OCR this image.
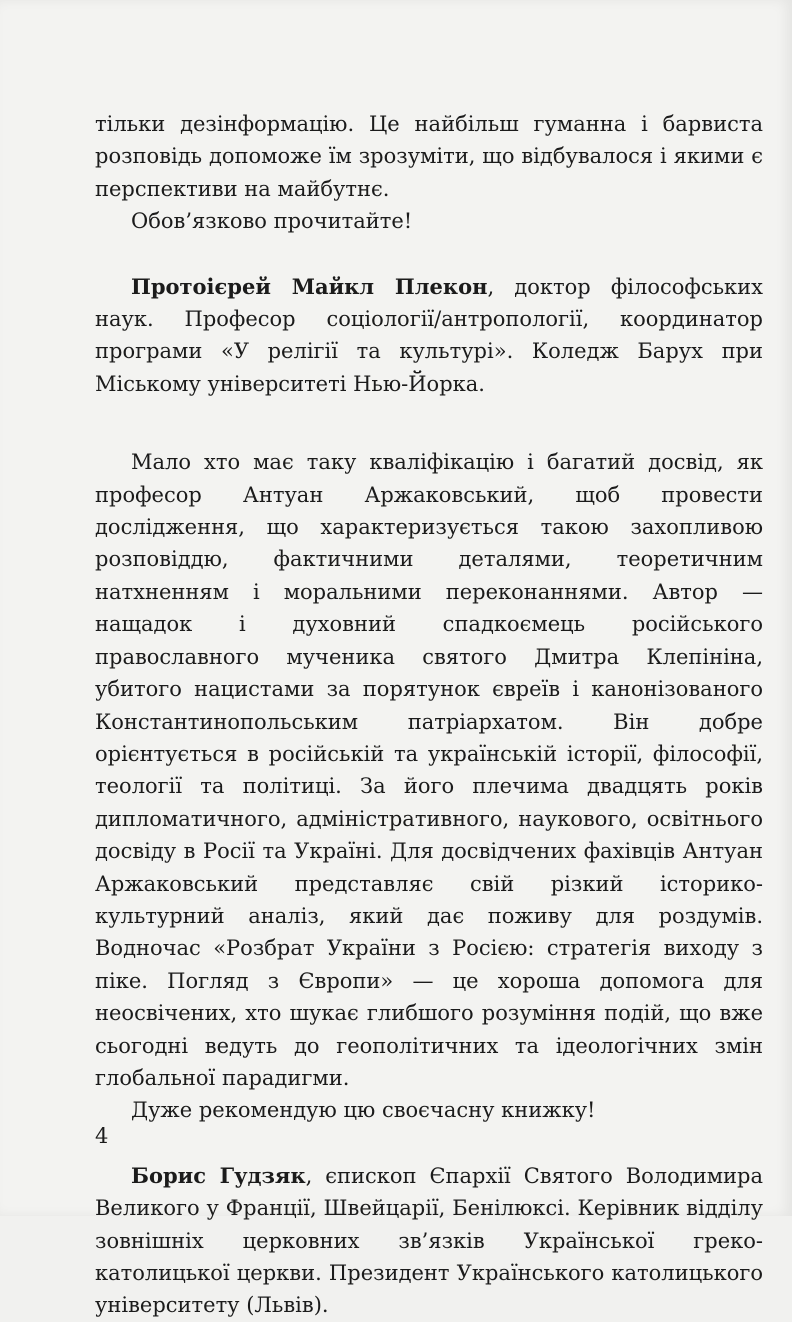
тільки дезінформацію. Це найбільш гуманна і барвиста розповідь допоможе їм зрозуміти, що відбувалося і якими є перспективи на майбутнє.

Обов’язково прочитайте!

Протоієрей Майкл Плекон, доктор філософських наук. Професор соціології/антропології, координатор програми «У релігії та культурі». Коледж Барух при Міському університеті Нью-Йорка.

Мало хто має таку кваліфікацію і багатий досвід, як професор Антуан Аржаковський, щоб провести дослідження, що характеризується такою захопливою розповіддю, фактичними деталями, теоретичним натхненням і моральними переконаннями. Автор — нащадок і духовний спадкоємець російського православного мученика святого Дмитра Клепініна, убитого нацистами за порятунок євреїв і канонізованого Константинопольським патріархатом. Він добре орієнтується в російській та українській історії, філософії, теології та політиці. За його плечима двадцять років дипломатичного, адміністративного, наукового, освітнього досвіду в Росії та Україні. Для досвідчених фахівців Антуан Аржаковський представляє свій різкий історико-культурний аналіз, який дає поживу для роздумів. Водночас «Розбрат України з Росією: стратегія виходу з піке. Погляд з Європи» — це хороша допомога для неосвічених, хто шукає глибшого розуміння подій, що вже сьогодні ведуть до геополітичних та ідеологічних змін глобальної парадигми.

Дуже рекомендую цю своєчасну книжку!

Борис Гудзяк, єпископ Єпархії Святого Володимира Великого у Франції, Швейцарії, Бенілюксі. Керівник відділу зовнішніх церковних зв’язків Української греко-католицької церкви. Президент Українського католицького університету (Львів).

4
